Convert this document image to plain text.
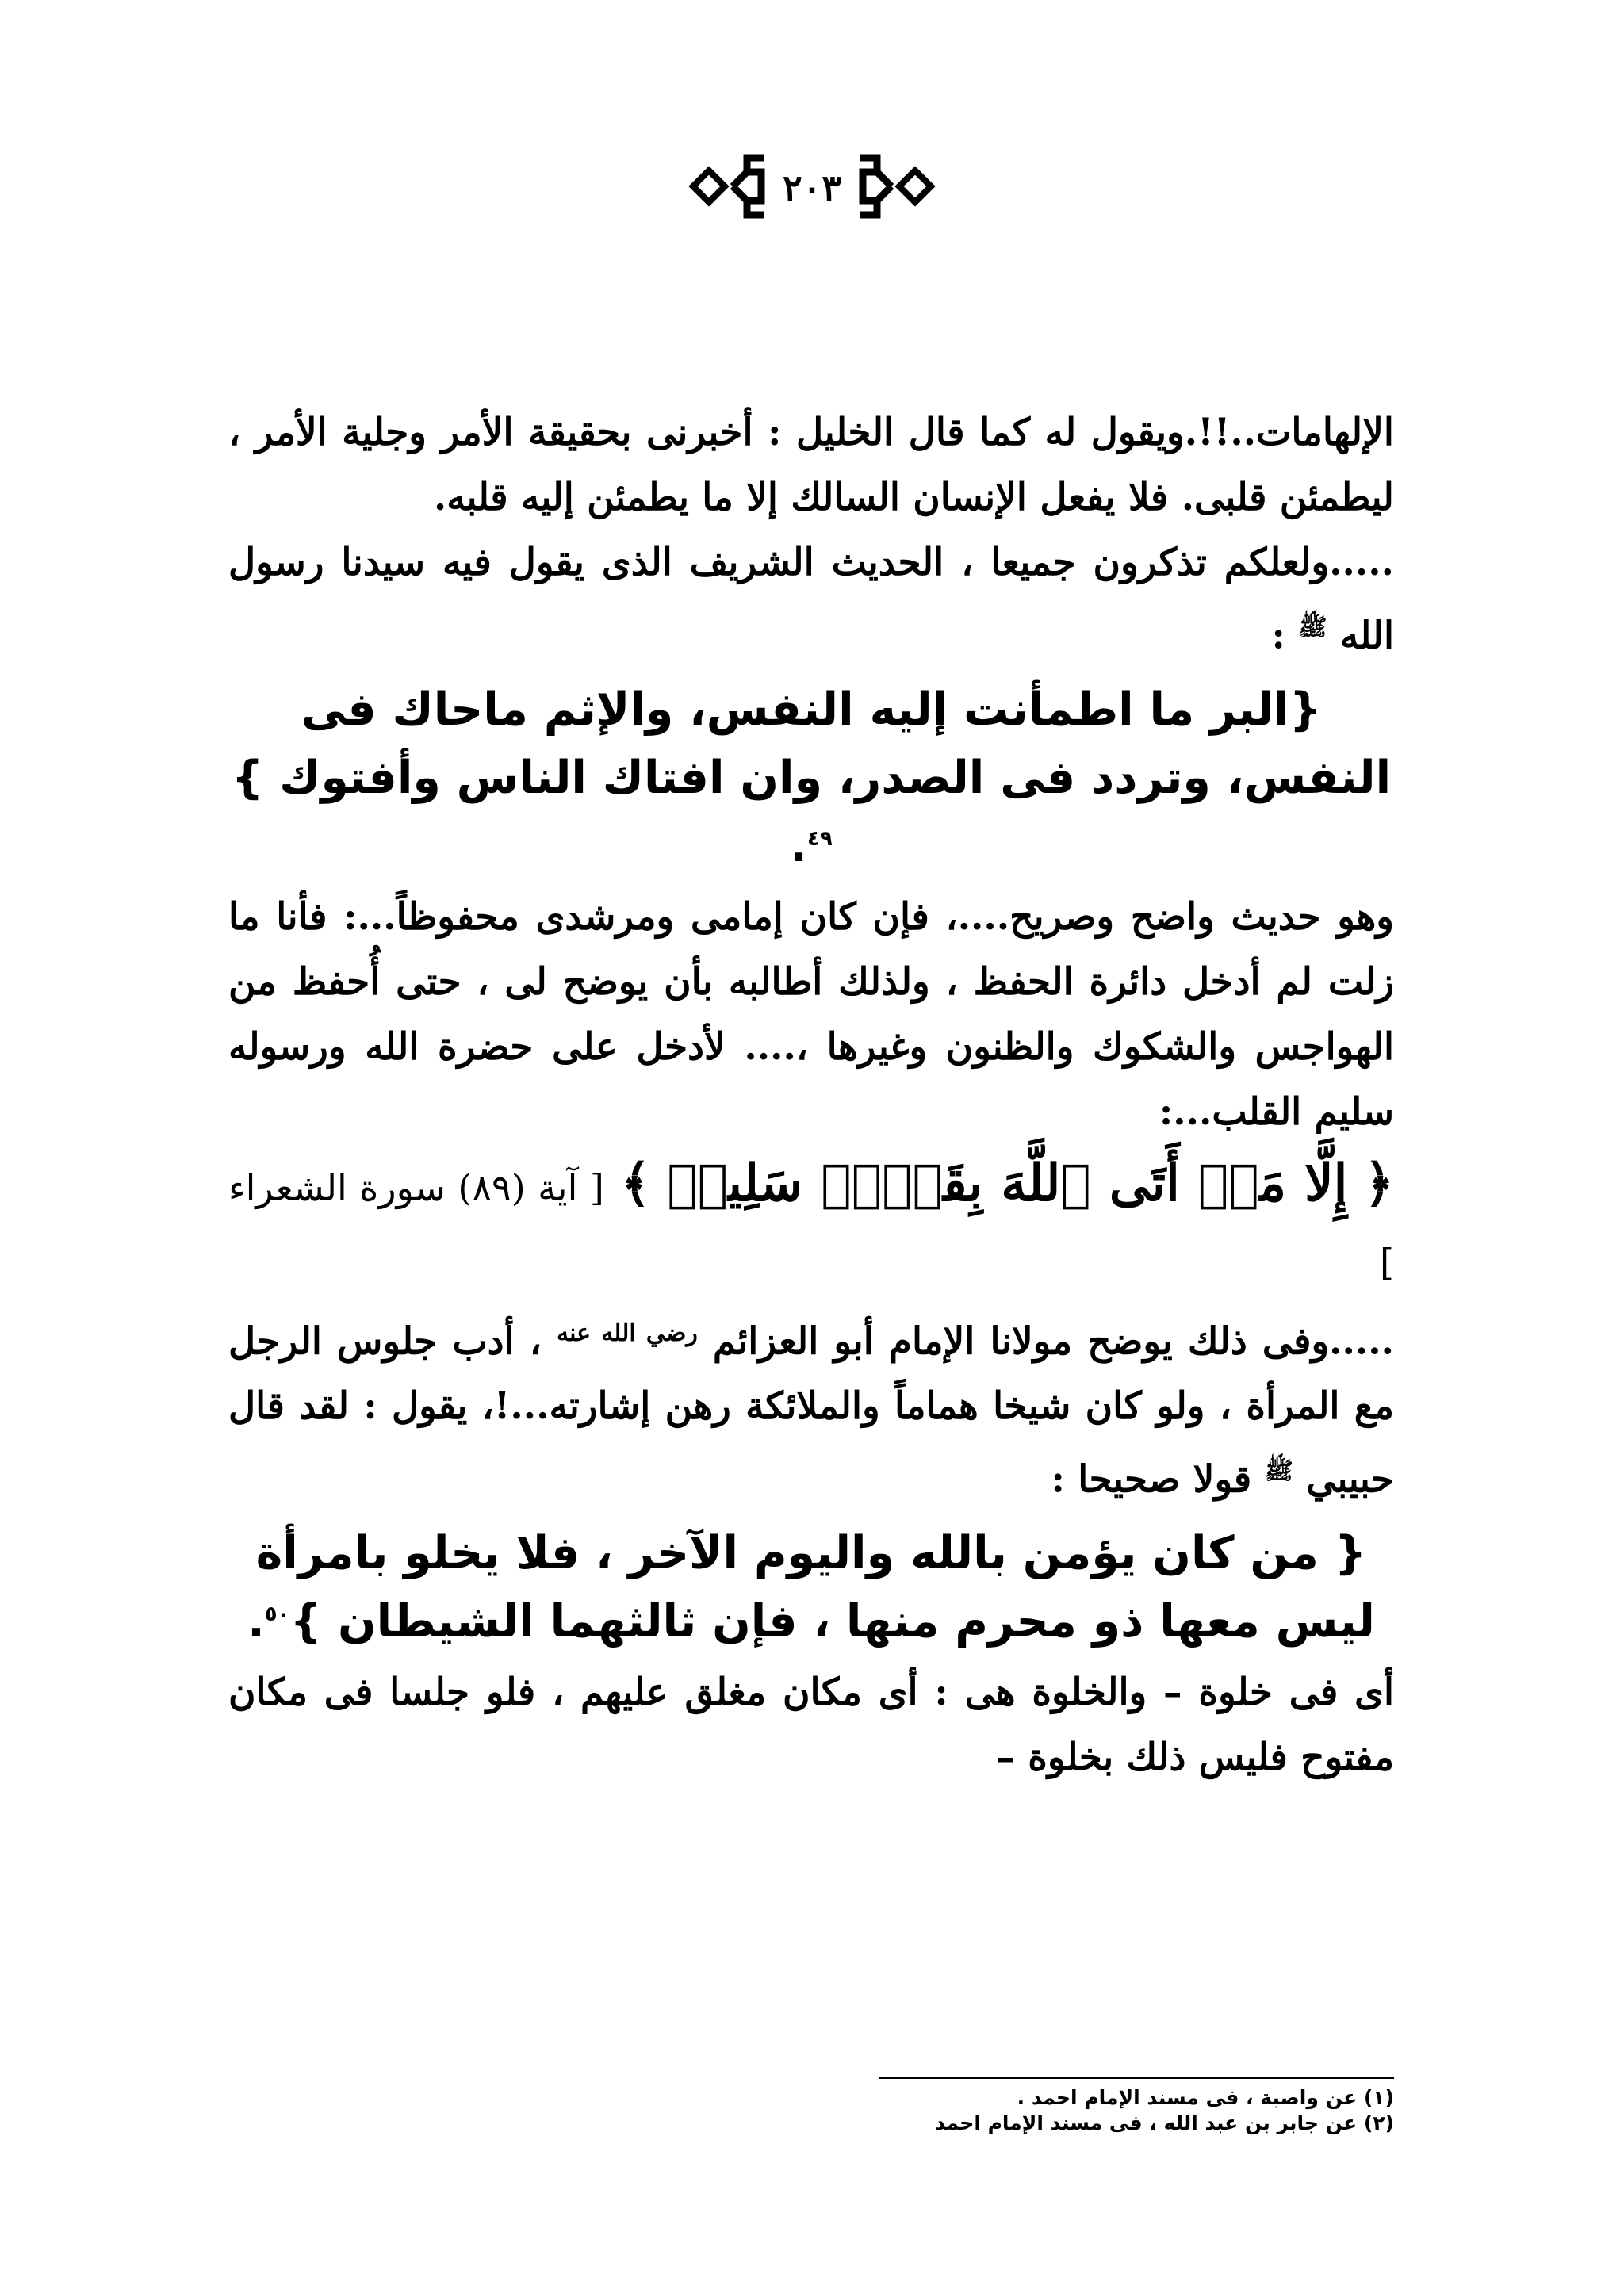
٢٠٣

الإلهامات..!!.ويقول له كما قال الخليل : أخبرنى بحقيقة الأمر وجلية الأمر ، ليطمئن قلبى. فلا يفعل الإنسان السالك إلا ما يطمئن إليه قلبه.

.....ولعلكم تذكرون جميعا ، الحديث الشريف الذى يقول فيه سيدنا رسول الله $^ﷺ$ :

{البر ما اطمأنت إليه النفس، والإثم ماحاك فى النفس، وتردد فى الصدر، وان افتاك الناس وأفتوك }$^{٤٩}$.

وهو حديث واضح وصريح....، فإن كان إمامى ومرشدى محفوظاً...: فأنا ما زلت لم أدخل دائرة الحفظ ، ولذلك أطالبه بأن يوضح لى ، حتى أُحفظ من الهواجس والشكوك والظنون وغيرها ،.... لأدخل على حضرة الله ورسوله سليم القلب...:

﴿ إِلَّا مَنۡ أَتَى ٱللَّهَ بِقَلۡبٖ سَلِيمٖ ﴾ [ آية (٨٩) سورة الشعراء ]

.....وفى ذلك يوضح مولانا الإمام أبو العزائم $^{رضي الله عنه}$ ، أدب جلوس الرجل مع المرأة ، ولو كان شيخا هماماً والملائكة رهن إشارته...!، يقول : لقد قال حبيبي $^ﷺ$ قولا صحيحا :

{ من كان يؤمن بالله واليوم الآخر ، فلا يخلو بامرأة ليس معها ذو محرم منها ، فإن ثالثهما الشيطان }$^{٥٠}$.

أى فى خلوة – والخلوة هى : أى مكان مغلق عليهم ، فلو جلسا فى مكان مفتوح فليس ذلك بخلوة –

(١) عن واصبة ، فى مسند الإمام احمد .
(٢) عن جابر بن عبد الله ، فى مسند الإمام احمد
